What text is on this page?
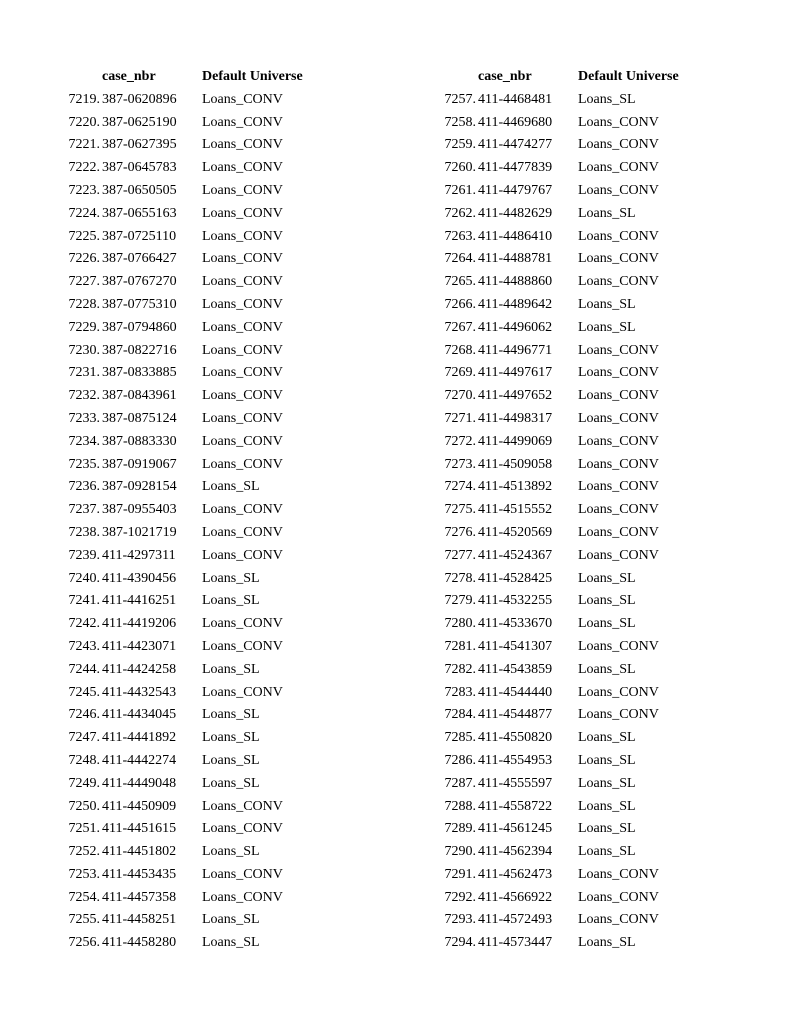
	case_nbr	Default Universe
7219.	387-0620896	Loans_CONV
7220.	387-0625190	Loans_CONV
7221.	387-0627395	Loans_CONV
7222.	387-0645783	Loans_CONV
7223.	387-0650505	Loans_CONV
7224.	387-0655163	Loans_CONV
7225.	387-0725110	Loans_CONV
7226.	387-0766427	Loans_CONV
7227.	387-0767270	Loans_CONV
7228.	387-0775310	Loans_CONV
7229.	387-0794860	Loans_CONV
7230.	387-0822716	Loans_CONV
7231.	387-0833885	Loans_CONV
7232.	387-0843961	Loans_CONV
7233.	387-0875124	Loans_CONV
7234.	387-0883330	Loans_CONV
7235.	387-0919067	Loans_CONV
7236.	387-0928154	Loans_SL
7237.	387-0955403	Loans_CONV
7238.	387-1021719	Loans_CONV
7239.	411-4297311	Loans_CONV
7240.	411-4390456	Loans_SL
7241.	411-4416251	Loans_SL
7242.	411-4419206	Loans_CONV
7243.	411-4423071	Loans_CONV
7244.	411-4424258	Loans_SL
7245.	411-4432543	Loans_CONV
7246.	411-4434045	Loans_SL
7247.	411-4441892	Loans_SL
7248.	411-4442274	Loans_SL
7249.	411-4449048	Loans_SL
7250.	411-4450909	Loans_CONV
7251.	411-4451615	Loans_CONV
7252.	411-4451802	Loans_SL
7253.	411-4453435	Loans_CONV
7254.	411-4457358	Loans_CONV
7255.	411-4458251	Loans_SL
7256.	411-4458280	Loans_SL
	case_nbr	Default Universe
7257.	411-4468481	Loans_SL
7258.	411-4469680	Loans_CONV
7259.	411-4474277	Loans_CONV
7260.	411-4477839	Loans_CONV
7261.	411-4479767	Loans_CONV
7262.	411-4482629	Loans_SL
7263.	411-4486410	Loans_CONV
7264.	411-4488781	Loans_CONV
7265.	411-4488860	Loans_CONV
7266.	411-4489642	Loans_SL
7267.	411-4496062	Loans_SL
7268.	411-4496771	Loans_CONV
7269.	411-4497617	Loans_CONV
7270.	411-4497652	Loans_CONV
7271.	411-4498317	Loans_CONV
7272.	411-4499069	Loans_CONV
7273.	411-4509058	Loans_CONV
7274.	411-4513892	Loans_CONV
7275.	411-4515552	Loans_CONV
7276.	411-4520569	Loans_CONV
7277.	411-4524367	Loans_CONV
7278.	411-4528425	Loans_SL
7279.	411-4532255	Loans_SL
7280.	411-4533670	Loans_SL
7281.	411-4541307	Loans_CONV
7282.	411-4543859	Loans_SL
7283.	411-4544440	Loans_CONV
7284.	411-4544877	Loans_CONV
7285.	411-4550820	Loans_SL
7286.	411-4554953	Loans_SL
7287.	411-4555597	Loans_SL
7288.	411-4558722	Loans_SL
7289.	411-4561245	Loans_SL
7290.	411-4562394	Loans_SL
7291.	411-4562473	Loans_CONV
7292.	411-4566922	Loans_CONV
7293.	411-4572493	Loans_CONV
7294.	411-4573447	Loans_SL
